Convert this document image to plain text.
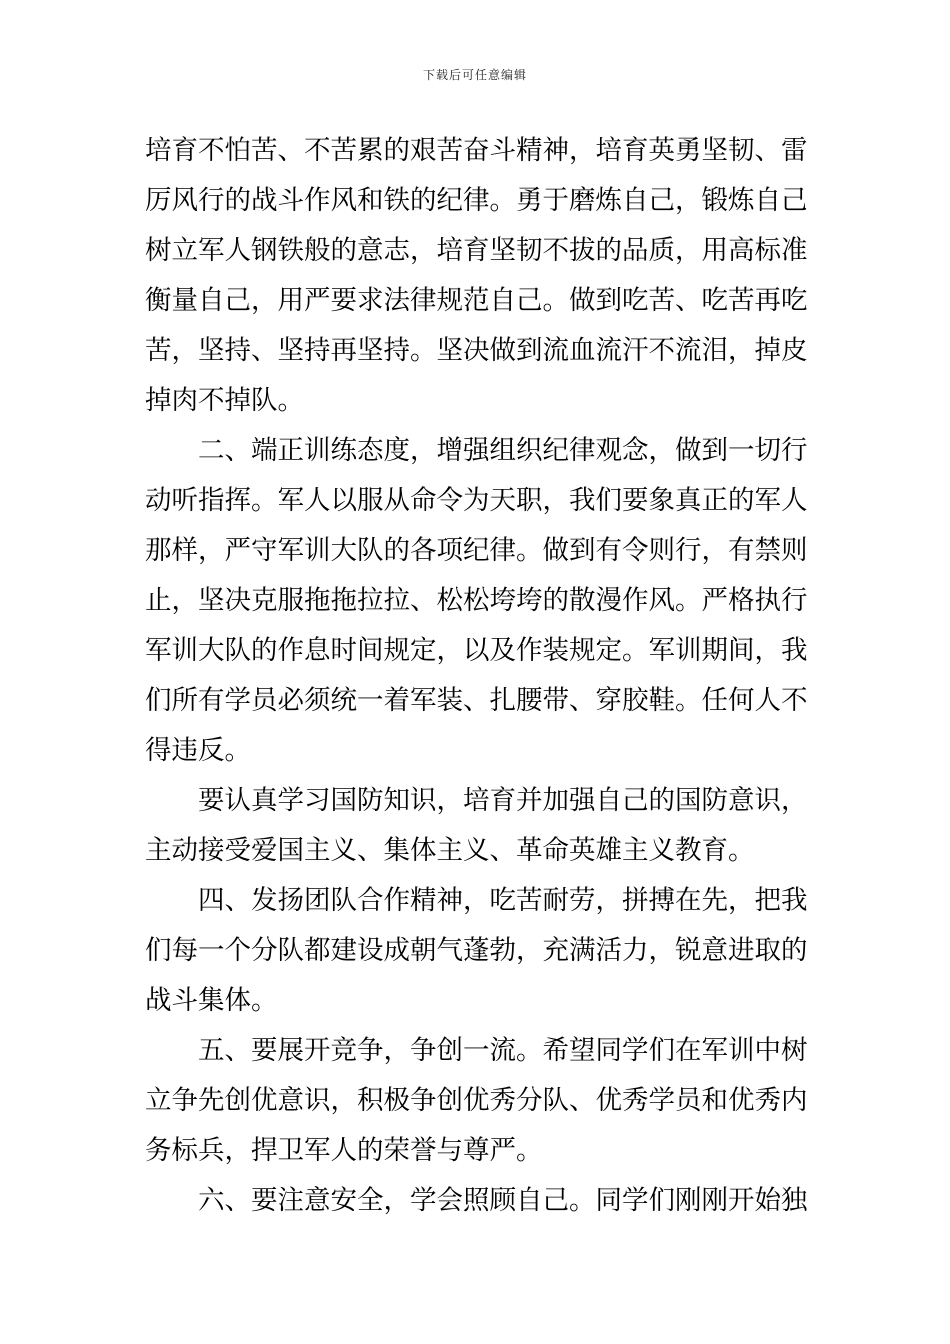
下载后可任意编辑
培育不怕苦、不苦累的艰苦奋斗精神，培育英勇坚韧、雷
厉风行的战斗作风和铁的纪律。勇于磨炼自己，锻炼自己
树立军人钢铁般的意志，培育坚韧不拔的品质，用高标准
衡量自己，用严要求法律规范自己。做到吃苦、吃苦再吃
苦，坚持、坚持再坚持。坚决做到流血流汗不流泪，掉皮
掉肉不掉队。
二、端正训练态度，增强组织纪律观念，做到一切行
动听指挥。军人以服从命令为天职，我们要象真正的军人
那样，严守军训大队的各项纪律。做到有令则行，有禁则
止，坚决克服拖拖拉拉、松松垮垮的散漫作风。严格执行
军训大队的作息时间规定，以及作装规定。军训期间，我
们所有学员必须统一着军装、扎腰带、穿胶鞋。任何人不
得违反。
要认真学习国防知识，培育并加强自己的国防意识，
主动接受爱国主义、集体主义、革命英雄主义教育。
四、发扬团队合作精神，吃苦耐劳，拼搏在先，把我
们每一个分队都建设成朝气蓬勃，充满活力，锐意进取的
战斗集体。
五、要展开竞争，争创一流。希望同学们在军训中树
立争先创优意识，积极争创优秀分队、优秀学员和优秀内
务标兵，捍卫军人的荣誉与尊严。
六、要注意安全，学会照顾自己。同学们刚刚开始独
